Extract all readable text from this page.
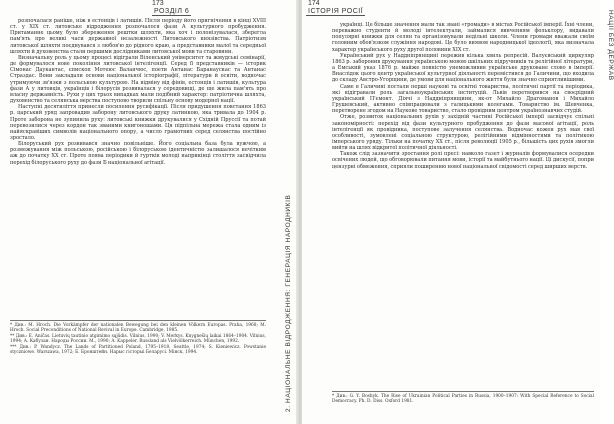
173
РОЗДІЛ 6
2. НАЦІОНАЛЬНЕ ВІДРОДЖЕННЯ: ГЕНЕРАЦІЯ НАРОДНИКІВ

розпочалася раніше, ніж в естонців і латишів. Після періоду його пригнічення в кінці XVIII ст. у XIX ст. литовське відродження розпочалося фази А культурного пробудження. Притаманне цьому було збереження рештки шляхти, яка хоч і полонізувалася, зберегла пам'ять про великі часи державної незалежності Литовського князівства. Патріотизм литовської шляхти поєднувався з любов'ю до рідного краю, а представники малої та середньої шляхти й духовенства стали першими дослідниками литовської мови та старовини.

Визначальну роль у цьому процесі відіграли Віленський університет та жмудські семінарії, де формувалося нове покоління литовської інтелігенції. Серед її представників — історик Сімонас Даукантас, єпископ Мотеюс Валанчюс, поети Антанас Баранаускас та Антанас Страздас. Вони закладали основи національної історіографії, літератури й освіти, водночас утримуючи зв'язки з польською культурою. На відміну від фінів, естонців і латишів, культура фази А у литовців, українців і білорусів розвивалася у середовищі, де ще жила пам'ять про власну державність. Рухи у цих трьох випадках мали подібний характер: патріотична шляхта, духовенство та селянська верства поступово творили спільну основу модерної нації.

Наступні десятиліття принесли посилення русифікації. Після придушення повстання 1863 р. царський уряд запровадив заборону литовського друку латинкою, яка тривала до 1904 р. Проте заборона не зупинила руху: литовські книжки друкувалися у Східній Пруссії та потай перевозилися через кордон так званими книгоношами. Ця підпільна мережа стала одним із найяскравіших символів національного опору, а число грамотних серед селянства постійно зростало.

Білоруський рух розвивався значно повільніше. Його соціальна база була вужчою, а розмежування між польською, російською і білоруською ідентичністю залишалося нечітким аж до початку XX ст. Проте поява періодики й гуртків молоді наприкінці століття засвідчила перехід білоруського руху до фази Б національної агітації.

* Див.: M. Hroch. Die Vorkämpfer der nationalen Bewegung bei den kleinen Völkern Europas. Praha, 1968; M. Hroch. Social Preconditions of National Revival in Europe. Cambridge, 1985.

** Див.: E. Aničas. Lietuvių tautinio atgimimo sąjūdis. Vilnius, 1990; V. Merkys. Knygnešių laikai 1864–1904. Vilnius, 1994; А. Кабузан. Народы России. М., 1990; A. Kappeler. Russland als Vielvölkerreich. München, 1992.

*** Див.: P. Wandycz. The Lands of Partitioned Poland, 1795–1918. Seattle, 1974; S. Kieniewicz. Powstanie styczniowe. Warszawa, 1972; Б. Брoнштейн. Нарыс гісторыі Беларусі. Мінск, 1994.

174
ІСТОРІЯ РОСІЇ	НАЦІЇ БЕЗ ДЕРЖАВ

українці. Це бiльше значення мали так звані «громади» в містах Російської імперії. Їхні члени, переважно студенти й молоді інтелектуали, займалися вивченням фольклору, видавали популярні книжки для селян та організовували недільні школи. Члени громади вважали своїм головним обов'язком служіння народові. Це було виявом народницької ідеології, яка визначала характер українського руху другої половини XIX ст.

Український рух у Наддніпрянщині пережив кілька хвиль репресій. Валуєвський циркуляр 1863 р. заборонив друкування українською мовою шкільних підручників та релігійної літератури, а Емський указ 1876 р. майже повністю унеможливив українське друковане слово в імперії. Внаслідок цього центр української культурної діяльності перемістився до Галичини, що входила до складу Австро-Угорщини, де умови для національного життя були значно сприятливішими.

Саме в Галичині постали перші наукові та освітні товариства, політичні партії та періодика, які відігравали роль загальноукраїнських інституцій. Львів перетворився на своєрідний український П'ємонт. Діячі з Наддніпрянщини, як-от Михайло Драгоманов і Михайло Грушевський, активно співпрацювали з галицькими колегами. Товариство ім. Шевченка, перетворене згодом на Наукове товариство, стало провідним центром українознавчих студій.

Отже, розвиток національних рухів у західній частині Російської імперії засвідчує спільні закономірності: перехід від фази культурного пробудження до фази масової агітації, роль інтелігенції як провідника, поступове залучення селянства. Водночас кожен рух мав свої особливості, зумовлені соціальною структурою, релігійними відмінностями та політикою імперського уряду. Тільки на початку XX ст., після революції 1905 р., більшість цих рухів змогли вийти на шлях відкритої політичної діяльності.

Також слід зазначити зростання ролі пресі: навколо газет і журналів формувалися осередки освічених людей, що обговорювали питання мови, історії та майбутнього нації. Ці дискусії, попри цензурні обмеження, сприяли поширенню нової національної свідомості серед ширших верств.

* Див.: G. Y. Boshyk. The Rise of Ukrainian Political Parties in Russia, 1900–1907: With Special Reference to Social Democracy. Ph. D. Diss. Oxford 1981.
